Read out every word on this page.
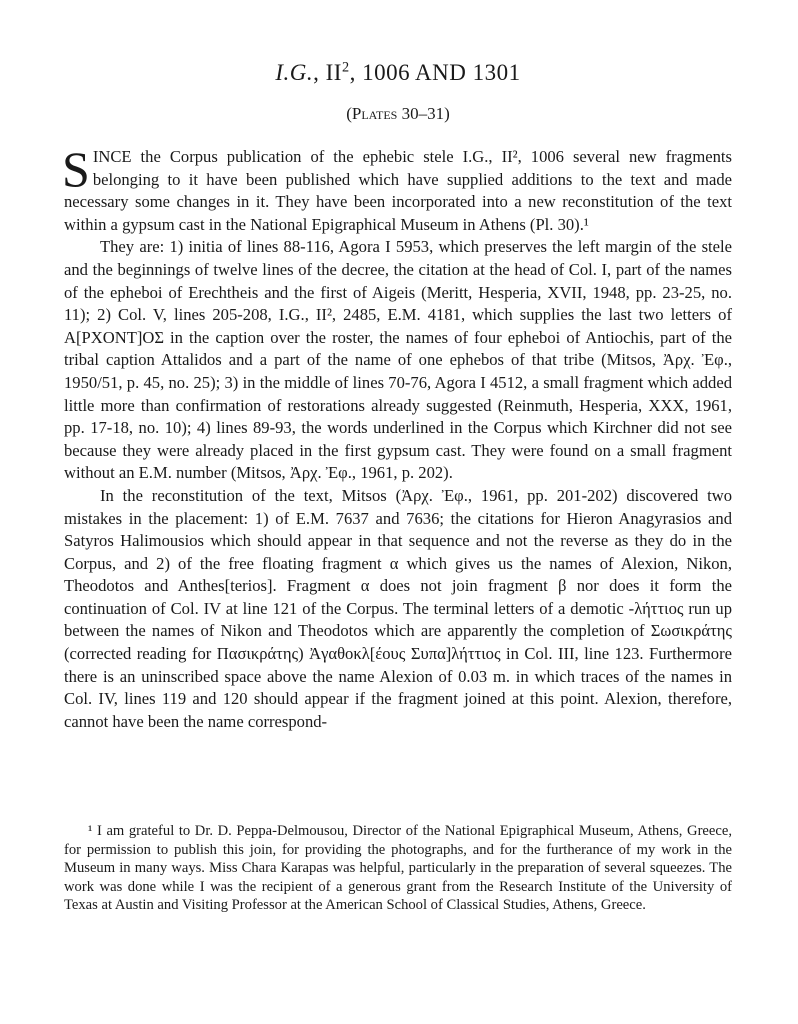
I.G., $II^2$, 1006 AND 1301
(Plates 30–31)

SINCE the Corpus publication of the ephebic stele I.G., II², 1006 several new fragments belonging to it have been published which have supplied additions to the text and made necessary some changes in it. They have been incorporated into a new reconstitution of the text within a gypsum cast in the National Epigraphical Museum in Athens (Pl. 30).¹

They are: 1) initia of lines 88-116, Agora I 5953, which preserves the left margin of the stele and the beginnings of twelve lines of the decree, the citation at the head of Col. I, part of the names of the epheboi of Erechtheis and the first of Aigeis (Meritt, Hesperia, XVII, 1948, pp. 23-25, no. 11); 2) Col. V, lines 205-208, I.G., II², 2485, E.M. 4181, which supplies the last two letters of Α[ΡΧΟΝΤ]ΟΣ in the caption over the roster, the names of four epheboi of Antiochis, part of the tribal caption Attalidos and a part of the name of one ephebos of that tribe (Mitsos, Ἀρχ. Ἐφ., 1950/51, p. 45, no. 25); 3) in the middle of lines 70-76, Agora I 4512, a small fragment which added little more than confirmation of restorations already suggested (Reinmuth, Hesperia, XXX, 1961, pp. 17-18, no. 10); 4) lines 89-93, the words underlined in the Corpus which Kirchner did not see because they were already placed in the first gypsum cast. They were found on a small fragment without an E.M. number (Mitsos, Ἀρχ. Ἐφ., 1961, p. 202).

In the reconstitution of the text, Mitsos (Ἀρχ. Ἐφ., 1961, pp. 201-202) discovered two mistakes in the placement: 1) of E.M. 7637 and 7636; the citations for Hieron Anagyrasios and Satyros Halimousios which should appear in that sequence and not the reverse as they do in the Corpus, and 2) of the free floating fragment α which gives us the names of Alexion, Nikon, Theodotos and Anthes[terios]. Fragment α does not join fragment β nor does it form the continuation of Col. IV at line 121 of the Corpus. The terminal letters of a demotic -λήττιος run up between the names of Nikon and Theodotos which are apparently the completion of Σωσικράτης (corrected reading for Πασικράτης) Ἀγαθοκλ[έους Συπα]λήττιος in Col. III, line 123. Furthermore there is an uninscribed space above the name Alexion of 0.03 m. in which traces of the names in Col. IV, lines 119 and 120 should appear if the fragment joined at this point. Alexion, therefore, cannot have been the name correspond-

¹ I am grateful to Dr. D. Peppa-Delmousou, Director of the National Epigraphical Museum, Athens, Greece, for permission to publish this join, for providing the photographs, and for the furtherance of my work in the Museum in many ways. Miss Chara Karapas was helpful, particularly in the preparation of several squeezes. The work was done while I was the recipient of a generous grant from the Research Institute of the University of Texas at Austin and Visiting Professor at the American School of Classical Studies, Athens, Greece.
